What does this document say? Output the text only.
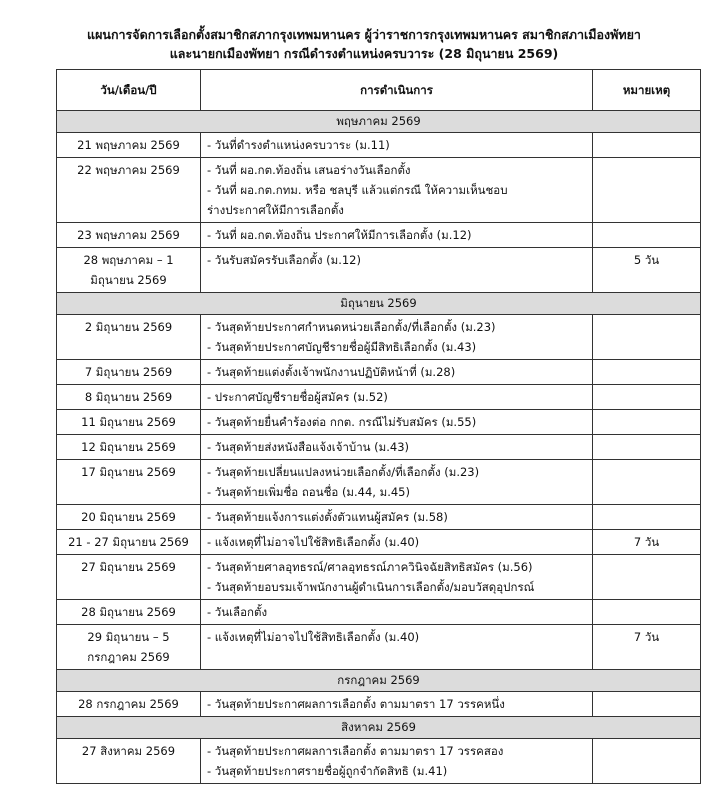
แผนการจัดการเลือกตั้งสมาชิกสภากรุงเทพมหานคร ผู้ว่าราชการกรุงเทพมหานคร สมาชิกสภาเมืองพัทยา
และนายกเมืองพัทยา กรณีดำรงตำแหน่งครบวาระ (28 มิถุนายน 2569)
วัน/เดือน/ปี	การดำเนินการ	หมายเหตุ
พฤษภาคม 2569		

21 พฤษภาคม 2569	- วันที่ดำรงตำแหน่งครบวาระ (ม.11)	

22 พฤษภาคม 2569	- วันที่ ผอ.กต.ท้องถิ่น เสนอร่างวันเลือกตั้ง
- วันที่ ผอ.กต.กทม. หรือ ชลบุรี แล้วแต่กรณี ให้ความเห็นชอบ
ร่างประกาศให้มีการเลือกตั้ง	

23 พฤษภาคม 2569	- วันที่ ผอ.กต.ท้องถิ่น ประกาศให้มีการเลือกตั้ง (ม.12)	

28 พฤษภาคม – 1
มิถุนายน 2569	- วันรับสมัครรับเลือกตั้ง (ม.12)	5 วัน
มิถุนายน 2569		

2 มิถุนายน 2569	- วันสุดท้ายประกาศกำหนดหน่วยเลือกตั้ง/ที่เลือกตั้ง (ม.23)
- วันสุดท้ายประกาศบัญชีรายชื่อผู้มีสิทธิเลือกตั้ง (ม.43)	

7 มิถุนายน 2569	- วันสุดท้ายแต่งตั้งเจ้าพนักงานปฏิบัติหน้าที่ (ม.28)	

8 มิถุนายน 2569	- ประกาศบัญชีรายชื่อผู้สมัคร (ม.52)	

11 มิถุนายน 2569	- วันสุดท้ายยื่นคำร้องต่อ กกต. กรณีไม่รับสมัคร (ม.55)	

12 มิถุนายน 2569	- วันสุดท้ายส่งหนังสือแจ้งเจ้าบ้าน (ม.43)	

17 มิถุนายน 2569	- วันสุดท้ายเปลี่ยนแปลงหน่วยเลือกตั้ง/ที่เลือกตั้ง (ม.23)
- วันสุดท้ายเพิ่มชื่อ ถอนชื่อ (ม.44, ม.45)	

20 มิถุนายน 2569	- วันสุดท้ายแจ้งการแต่งตั้งตัวแทนผู้สมัคร (ม.58)	

21 - 27 มิถุนายน 2569	- แจ้งเหตุที่ไม่อาจไปใช้สิทธิเลือกตั้ง (ม.40)	7 วัน

27 มิถุนายน 2569	- วันสุดท้ายศาลอุทธรณ์/ศาลอุทธรณ์ภาควินิจฉัยสิทธิสมัคร (ม.56)
- วันสุดท้ายอบรมเจ้าพนักงานผู้ดำเนินการเลือกตั้ง/มอบวัสดุอุปกรณ์	

28 มิถุนายน 2569	- วันเลือกตั้ง	

29 มิถุนายน – 5
กรกฎาคม 2569	- แจ้งเหตุที่ไม่อาจไปใช้สิทธิเลือกตั้ง (ม.40)	7 วัน
กรกฎาคม 2569		

28 กรกฎาคม 2569	- วันสุดท้ายประกาศผลการเลือกตั้ง ตามมาตรา 17 วรรคหนึ่ง	

สิงหาคม 2569		

27 สิงหาคม 2569	- วันสุดท้ายประกาศผลการเลือกตั้ง ตามมาตรา 17 วรรคสอง
- วันสุดท้ายประกาศรายชื่อผู้ถูกจำกัดสิทธิ (ม.41)	
